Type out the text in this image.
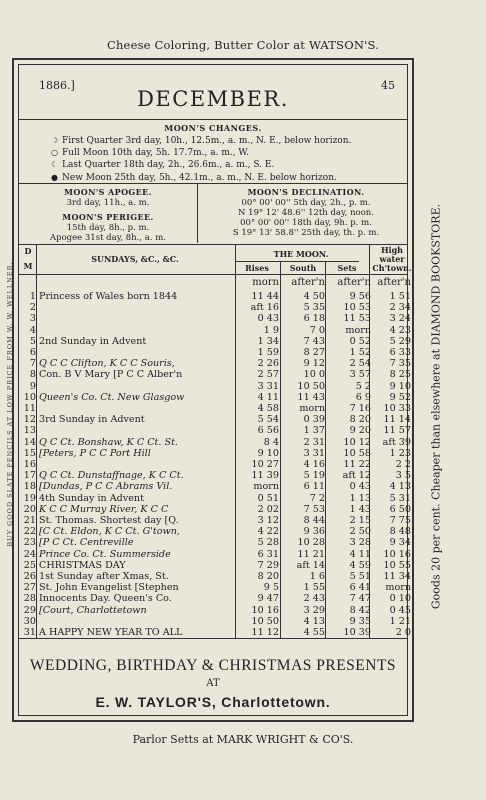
Cheese Coloring, Butter Color at WATSON'S.
BUY GOOD SLATE PENCILS AT LOW PRICE FROM W. W. WELLNER.	Goods 20 per cent. Cheaper than elsewhere at DIAMOND BOOKSTORE.
1886.]	45
DECEMBER.
MOON'S CHANGES.
☽ First Quarter 3rd day, 10h., 12.5m., a. m., N. E., below horizon.
○ Full Moon 10th day, 5h. 17.7m., a. m., W.
☾ Last Quarter 18th day, 2h., 26.6m., a. m., S. E.
● New Moon 25th day, 5h., 42.1m., a. m., N. E. below horizon.
MOON'S APOGEE.
3rd day, 11h., a. m.
MOON'S PERIGEE.
15th day, 8h., p. m.
Apogee 31st day, 8h., a. m.
MOON'S DECLINATION.
00° 00' 00'' 5th day, 2h., p. m.
N 19° 12' 48.6'' 12th day, noon.
00° 00' 00'' 18th day, 9h. p. m.
S 19° 13' 58.8'' 25th day, th. p. m.
D
M
SUNDAYS, &C., &C.	THE MOON.
Rises	South	Sets
High
water
Ch'town.
morn	after'n	after'n after'n
1 Princess of Wales born 1844	11 44	4 50	9 56	1 51
2	aft 16	5 35	10 53	2 34
3	0 43	6 18	11 53	3 24
4	1 9	7 0	morn	4 23
5 2nd Sunday in Advent	1 34	7 43	0 52	5 29
6	1 59	8 27	1 52	6 33
7 Q C C Clifton, K C C Souris,	2 26	9 12	2 54	7 35
8 Con. B V Mary [P C C Alber'n	2 57	10 0	3 57	8 25
9	3 31	10 50	5 2	9 10
10 Queen's Co. Ct. New Glasgow	4 11	11 43	6 9	9 52
11	4 58	morn	7 16	10 33
12 3rd Sunday in Advent	5 54	0 39	8 20	11 14
13	6 56	1 37	9 20	11 57
14 Q C Ct. Bonshaw, K C Ct. St.	8 4	2 31	10 12	aft 39
15 [Peters, P C C Port Hill	9 10	3 31	10 58	1 23
16	10 27	4 16	11 22	2 2
17 Q C Ct. Dunstaffnage, K C Ct.	11 39	5 19	aft 12	3 5
18 [Dundas, P C C Abrams Vil.	morn	6 11	0 43	4 13
19 4th Sunday in Advent	0 51	7 2	1 13	5 31
20 K C C Murray River, K C C	2 02	7 53	1 43	6 50
21 St. Thomas. Shortest day [Q.	3 12	8 44	2 15	7 75
22 [C Ct. Eldon, K C Ct. G'town,	4 22	9 36	2 50	8 48
23 [P C Ct. Centreville	5 28	10 28	3 28	9 34
24 Prince Co. Ct. Summerside	6 31	11 21	4 11	10 16
25 CHRISTMAS DAY	7 29	aft 14	4 59	10 55
26 1st Sunday after Xmas, St.	8 20	1 6	5 51	11 34
27 St. John Evangelist [Stephen	9 5	1 55	6 41	morn
28 Innocents Day. Queen's Co.	9 47	2 43	7 47	0 10
29 [Court, Charlottetown	10 16	3 29	8 42	0 45
30	10 50	4 13	9 35	1 21
31 A HAPPY NEW YEAR TO ALL	11 12	4 55	10 39	2 0
WEDDING, BIRTHDAY & CHRISTMAS PRESENTS
AT
E. W. TAYLOR'S, Charlottetown.
Parlor Setts at MARK WRIGHT & CO'S.
